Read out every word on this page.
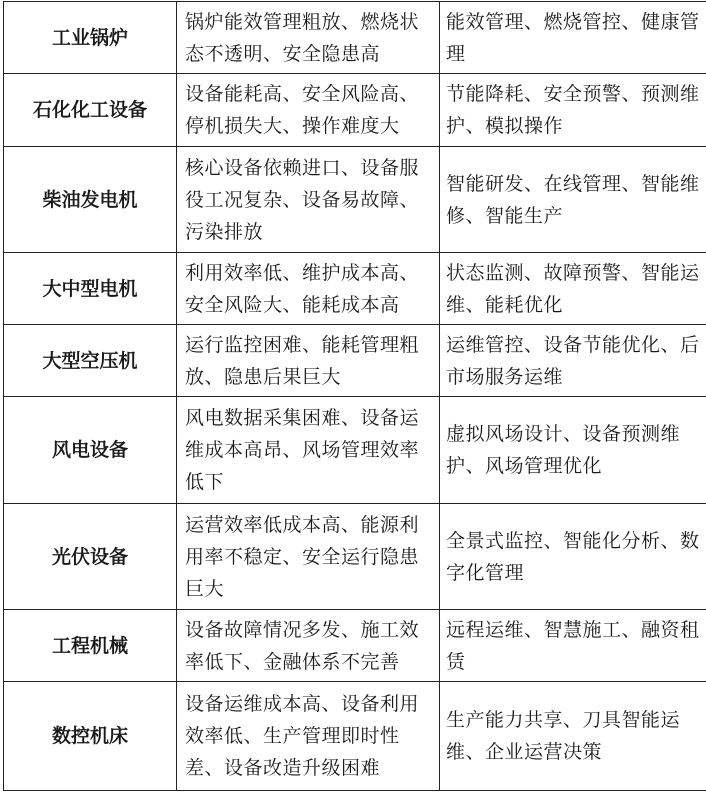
工业锅炉	锅炉能效管理粗放、燃烧状态不透明、安全隐患高	能效管理、燃烧管控、健康管理
石化化工设备	设备能耗高、安全风险高、停机损失大、操作难度大	节能降耗、安全预警、预测维护、模拟操作
柴油发电机	核心设备依赖进口、设备服役工况复杂、设备易故障、污染排放	智能研发、在线管理、智能维修、智能生产
大中型电机	利用效率低、维护成本高、安全风险大、能耗成本高	状态监测、故障预警、智能运维、能耗优化
大型空压机	运行监控困难、能耗管理粗放、隐患后果巨大	运维管控、设备节能优化、后市场服务运维
风电设备	风电数据采集困难、设备运维成本高昂、风场管理效率低下	虚拟风场设计、设备预测维护、风场管理优化
光伏设备	运营效率低成本高、能源利用率不稳定、安全运行隐患巨大	全景式监控、智能化分析、数字化管理
工程机械	设备故障情况多发、施工效率低下、金融体系不完善	远程运维、智慧施工、融资租赁
数控机床	设备运维成本高、设备利用效率低、生产管理即时性差、设备改造升级困难	生产能力共享、刀具智能运维、企业运营决策
